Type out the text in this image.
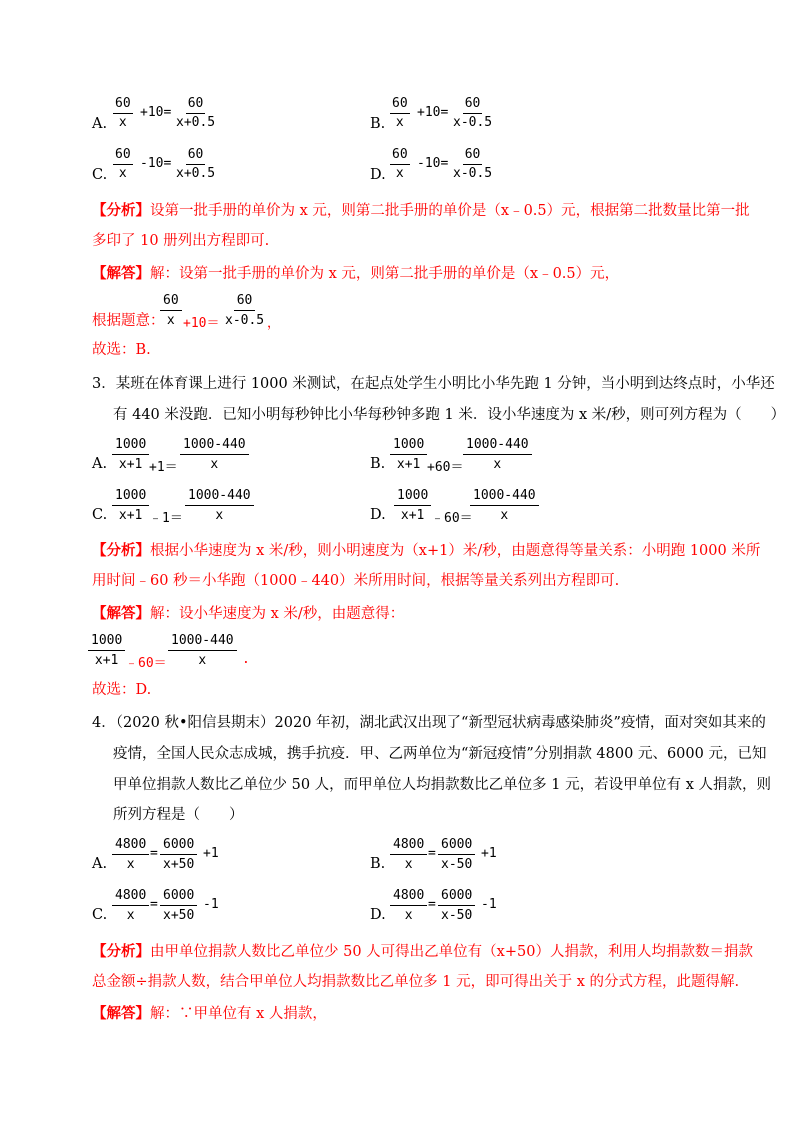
A. $\frac{60}{x} +10= \frac{60}{x+0.5}$	B. $\frac{60}{x} +10= \frac{60}{x-0.5}$
C. $\frac{60}{x} -10= \frac{60}{x+0.5}$	D. $\frac{60}{x} -10= \frac{60}{x-0.5}$
【分析】设第一批手册的单价为 x 元，则第二批手册的单价是（x﹣0.5）元，根据第二批数量比第一批
多印了 10 册列出方程即可.
【解答】解：设第一批手册的单价为 x 元，则第二批手册的单价是（x﹣0.5）元，
根据题意：
$\frac{60}{x} +10= \frac{60}{x-0.5}$ ，
故选：B.
3．某班在体育课上进行 1000 米测试，在起点处学生小明比小华先跑 1 分钟，当小明到达终点时，小华还
有 440 米没跑．已知小明每秒钟比小华每秒钟多跑 1 米．设小华速度为 x 米/秒，则可列方程为（　　）
A. $\frac{1000}{x+1} +1= \frac{1000-440}{x}$	B. $\frac{1000}{x+1} +60= \frac{1000-440}{x}$
C. $\frac{1000}{x+1}$ ﹣1＝ $\frac{1000-440}{x}$	D. $\frac{1000}{x+1}$ ﹣60＝
$\frac{1000-440}{x}$
【分析】根据小华速度为 x 米/秒，则小明速度为（x+1）米/秒，由题意得等量关系：小明跑 1000 米所
用时间﹣60 秒＝小华跑（1000﹣440）米所用时间，根据等量关系列出方程即可.
【解答】解：设小华速度为 x 米/秒，由题意得：
$\frac{1000}{x+1}$ ﹣60＝ $\frac{1000-440}{x}$ .
故选：D.
4．（2020 秋•阳信县期末）2020 年初，湖北武汉出现了“新型冠状病毒感染肺炎”疫情，面对突如其来的
疫情，全国人民众志成城，携手抗疫．甲、乙两单位为“新冠疫情”分别捐款 4800 元、6000 元，已知
甲单位捐款人数比乙单位少 50 人，而甲单位人均捐款数比乙单位多 1 元，若设甲单位有 x 人捐款，则
所列方程是（　　）
A. $\frac{4800}{x} = \frac{6000}{x+50} +1$
B. $\frac{4800}{x} = \frac{6000}{x-50} +1$
C. $\frac{4800}{x} = \frac{6000}{x+50} -1$
D. $\frac{4800}{x} = \frac{6000}{x-50} -1$
【分析】由甲单位捐款人数比乙单位少 50 人可得出乙单位有（x+50）人捐款，利用人均捐款数＝捐款
总金额÷捐款人数，结合甲单位人均捐款数比乙单位多 1 元，即可得出关于 x 的分式方程，此题得解.
【解答】解：∵甲单位有 x 人捐款，
